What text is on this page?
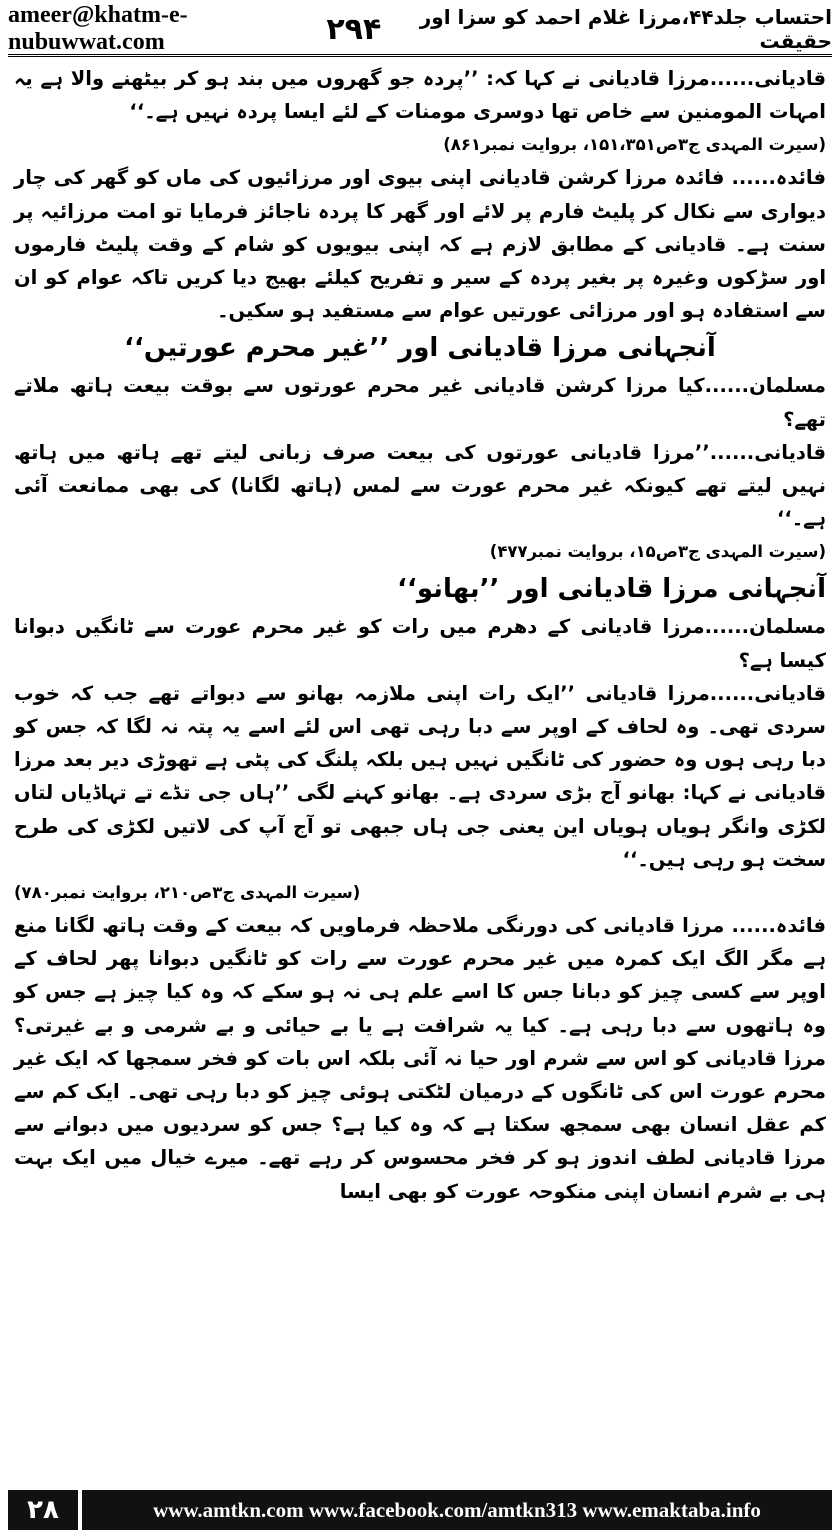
ameer@khatm-e-nubuwwat.com	۲۹۴	احتساب جلد۴۴،مرزا غلام احمد کو سزا اور حقیقت

قادیانی......مرزا قادیانی نے کہا کہ: ’’پردہ جو گھروں میں بند ہو کر بیٹھنے والا ہے یہ امہات المومنین سے خاص تھا دوسری مومنات کے لئے ایسا پردہ نہیں ہے۔‘‘

(سیرت المہدی ج۳ص۱۵۱،۳۵۱، بروایت نمبر۸۶۱)

فائدہ...... فائدہ مرزا کرشن قادیانی اپنی بیوی اور مرزائیوں کی ماں کو گھر کی چار دیواری سے نکال کر پلیٹ فارم پر لائے اور گھر کا پردہ ناجائز فرمایا تو امت مرزائیہ پر سنت ہے۔ قادیانی کے مطابق لازم ہے کہ اپنی بیویوں کو شام کے وقت پلیٹ فارموں اور سڑکوں وغیرہ پر بغیر پردہ کے سیر و تفریح کیلئے بھیج دیا کریں تاکہ عوام کو ان سے استفادہ ہو اور مرزائی عورتیں عوام سے مستفید ہو سکیں۔

آنجہانی مرزا قادیانی اور ’’غیر محرم عورتیں‘‘

مسلمان......کیا مرزا کرشن قادیانی غیر محرم عورتوں سے بوقت بیعت ہاتھ ملاتے تھے؟

قادیانی......’’مرزا قادیانی عورتوں کی بیعت صرف زبانی لیتے تھے ہاتھ میں ہاتھ نہیں لیتے تھے کیونکہ غیر محرم عورت سے لمس (ہاتھ لگانا) کی بھی ممانعت آئی ہے۔‘‘

(سیرت المہدی ج۳ص۱۵، بروایت نمبر۴۷۷)
آنجہانی مرزا قادیانی اور ’’بھانو‘‘

مسلمان......مرزا قادیانی کے دھرم میں رات کو غیر محرم عورت سے ٹانگیں دبوانا کیسا ہے؟

قادیانی......مرزا قادیانی ’’ایک رات اپنی ملازمہ بھانو سے دبواتے تھے جب کہ خوب سردی تھی۔ وہ لحاف کے اوپر سے دبا رہی تھی اس لئے اسے یہ پتہ نہ لگا کہ جس کو دبا رہی ہوں وہ حضور کی ٹانگیں نہیں ہیں بلکہ پلنگ کی پٹی ہے تھوڑی دیر بعد مرزا قادیانی نے کہا: بھانو آج بڑی سردی ہے۔ بھانو کہنے لگی ’’ہاں جی تڈے تے تہاڈیاں لتاں لکڑی وانگر ہویاں ہویاں این یعنی جی ہاں جبھی تو آج آپ کی لاتیں لکڑی کی طرح سخت ہو رہی ہیں۔‘‘

(سیرت المہدی ج۳ص۲۱۰، بروایت نمبر۷۸۰)

فائدہ...... مرزا قادیانی کی دورنگی ملاحظہ فرماویں کہ بیعت کے وقت ہاتھ لگانا منع ہے مگر الگ ایک کمرہ میں غیر محرم عورت سے رات کو ٹانگیں دبوانا پھر لحاف کے اوپر سے کسی چیز کو دبانا جس کا اسے علم ہی نہ ہو سکے کہ وہ کیا چیز ہے جس کو وہ ہاتھوں سے دبا رہی ہے۔ کیا یہ شرافت ہے یا بے حیائی و بے شرمی و بے غیرتی؟ مرزا قادیانی کو اس سے شرم اور حیا نہ آئی بلکہ اس بات کو فخر سمجھا کہ ایک غیر محرم عورت اس کی ٹانگوں کے درمیان لٹکتی ہوئی چیز کو دبا رہی تھی۔ ایک کم سے کم عقل انسان بھی سمجھ سکتا ہے کہ وہ کیا ہے؟ جس کو سردیوں میں دبوانے سے مرزا قادیانی لطف اندوز ہو کر فخر محسوس کر رہے تھے۔ میرے خیال میں ایک بہت ہی بے شرم انسان اپنی منکوحہ عورت کو بھی ایسا

۲۸	www.amtkn.com www.facebook.com/amtkn313 www.emaktaba.info
